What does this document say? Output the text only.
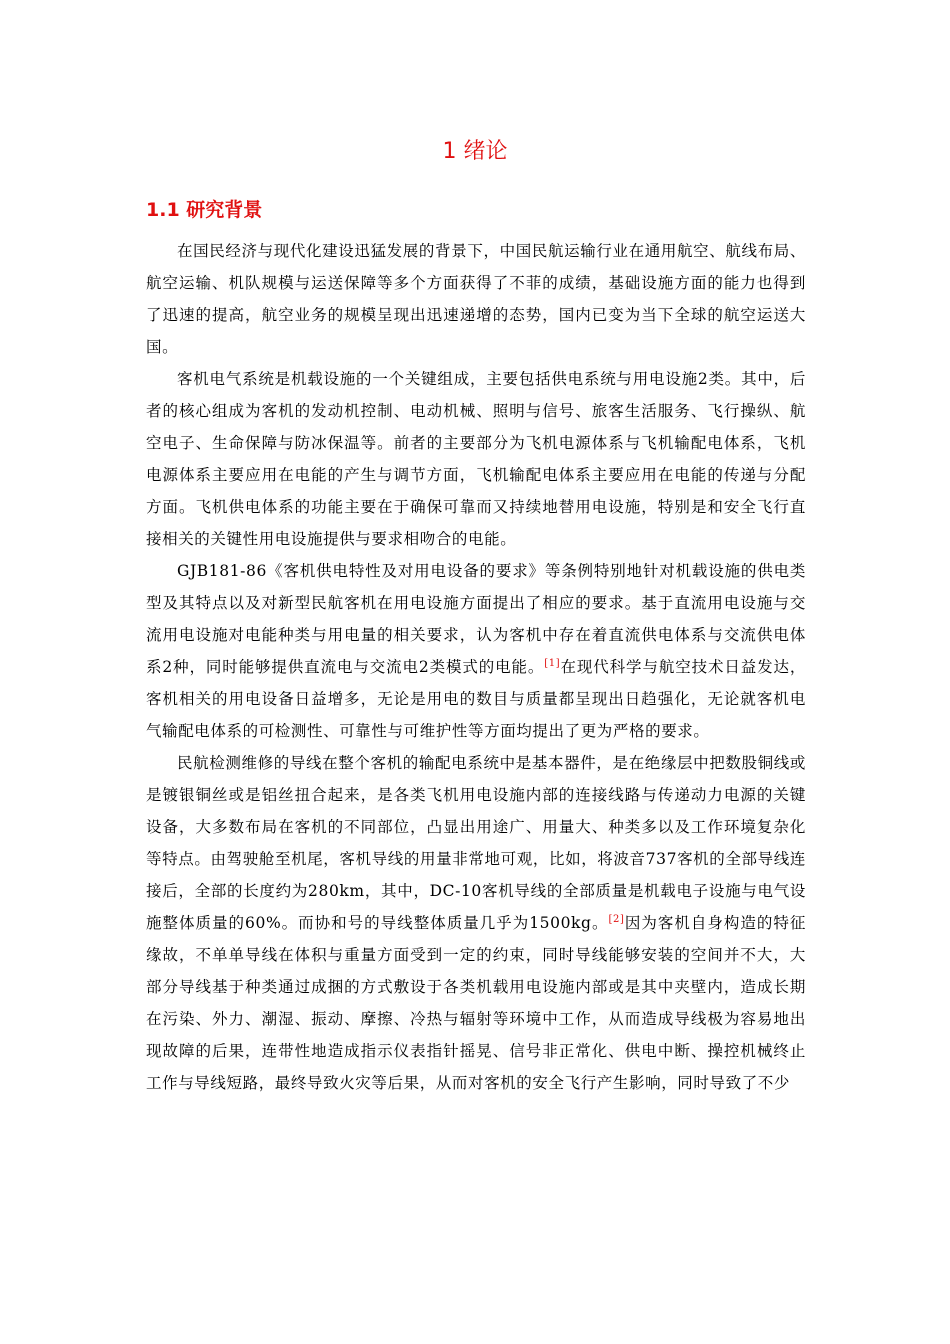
1 绪论
1.1 研究背景

在国民经济与现代化建设迅猛发展的背景下，中国民航运输行业在通用航空、航线布局、航空运输、机队规模与运送保障等多个方面获得了不菲的成绩，基础设施方面的能力也得到了迅速的提高，航空业务的规模呈现出迅速递增的态势，国内已变为当下全球的航空运送大国。

客机电气系统是机载设施的一个关键组成，主要包括供电系统与用电设施2类。其中，后者的核心组成为客机的发动机控制、电动机械、照明与信号、旅客生活服务、飞行操纵、航空电子、生命保障与防冰保温等。前者的主要部分为飞机电源体系与飞机输配电体系，飞机电源体系主要应用在电能的产生与调节方面，飞机输配电体系主要应用在电能的传递与分配方面。飞机供电体系的功能主要在于确保可靠而又持续地替用电设施，特别是和安全飞行直接相关的关键性用电设施提供与要求相吻合的电能。

GJB181-86《客机供电特性及对用电设备的要求》等条例特别地针对机载设施的供电类型及其特点以及对新型民航客机在用电设施方面提出了相应的要求。基于直流用电设施与交流用电设施对电能种类与用电量的相关要求，认为客机中存在着直流供电体系与交流供电体系2种，同时能够提供直流电与交流电2类模式的电能。[1]在现代科学与航空技术日益发达，客机相关的用电设备日益增多，无论是用电的数目与质量都呈现出日趋强化，无论就客机电气输配电体系的可检测性、可靠性与可维护性等方面均提出了更为严格的要求。

民航检测维修的导线在整个客机的输配电系统中是基本器件，是在绝缘层中把数股铜线或是镀银铜丝或是铝丝扭合起来，是各类飞机用电设施内部的连接线路与传递动力电源的关键设备，大多数布局在客机的不同部位，凸显出用途广、用量大、种类多以及工作环境复杂化等特点。由驾驶舱至机尾，客机导线的用量非常地可观，比如，将波音737客机的全部导线连接后，全部的长度约为280km，其中，DC-10客机导线的全部质量是机载电子设施与电气设施整体质量的60%。而协和号的导线整体质量几乎为1500kg。[2]因为客机自身构造的特征缘故，不单单导线在体积与重量方面受到一定的约束，同时导线能够安装的空间并不大，大部分导线基于种类通过成捆的方式敷设于各类机载用电设施内部或是其中夹壁内，造成长期在污染、外力、潮湿、振动、摩擦、冷热与辐射等环境中工作，从而造成导线极为容易地出现故障的后果，连带性地造成指示仪表指针摇晃、信号非正常化、供电中断、操控机械终止工作与导线短路，最终导致火灾等后果，从而对客机的安全飞行产生影响，同时导致了不少
